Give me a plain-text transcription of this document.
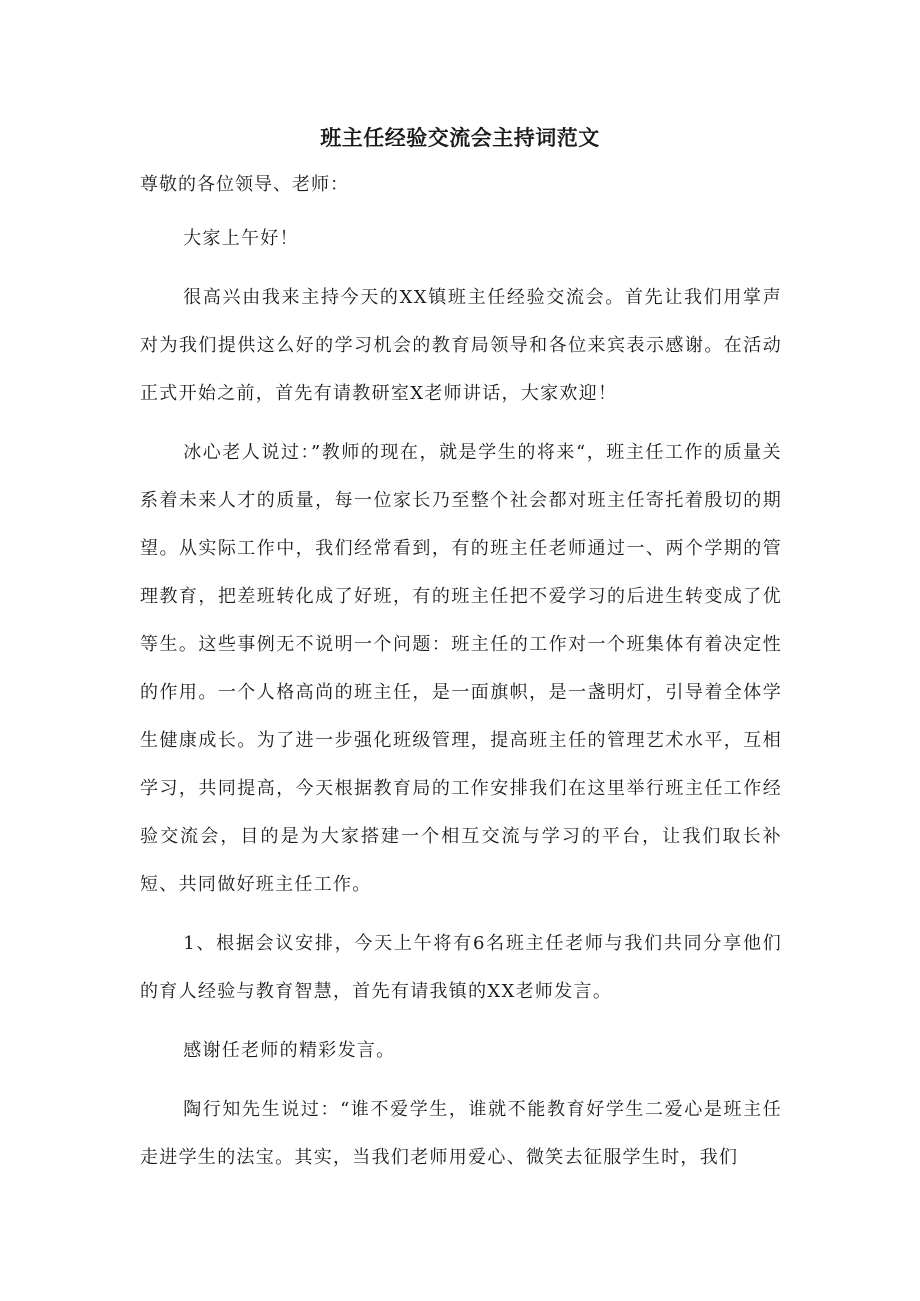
班主任经验交流会主持词范文

尊敬的各位领导、老师：

大家上午好！

很高兴由我来主持今天的XX镇班主任经验交流会。首先让我们用掌声对为我们提供这么好的学习机会的教育局领导和各位来宾表示感谢。在活动正式开始之前，首先有请教研室X老师讲话，大家欢迎！

冰心老人说过：”教师的现在，就是学生的将来“，班主任工作的质量关系着未来人才的质量，每一位家长乃至整个社会都对班主任寄托着殷切的期望。从实际工作中，我们经常看到，有的班主任老师通过一、两个学期的管理教育，把差班转化成了好班，有的班主任把不爱学习的后进生转变成了优等生。这些事例无不说明一个问题：班主任的工作对一个班集体有着决定性的作用。一个人格高尚的班主任，是一面旗帜，是一盏明灯，引导着全体学生健康成长。为了进一步强化班级管理，提高班主任的管理艺术水平，互相学习，共同提高，今天根据教育局的工作安排我们在这里举行班主任工作经验交流会，目的是为大家搭建一个相互交流与学习的平台，让我们取长补短、共同做好班主任工作。

1、根据会议安排，今天上午将有6名班主任老师与我们共同分享他们的育人经验与教育智慧，首先有请我镇的XX老师发言。

感谢任老师的精彩发言。

陶行知先生说过：“谁不爱学生，谁就不能教育好学生二爱心是班主任走进学生的法宝。其实，当我们老师用爱心、微笑去征服学生时，我们
